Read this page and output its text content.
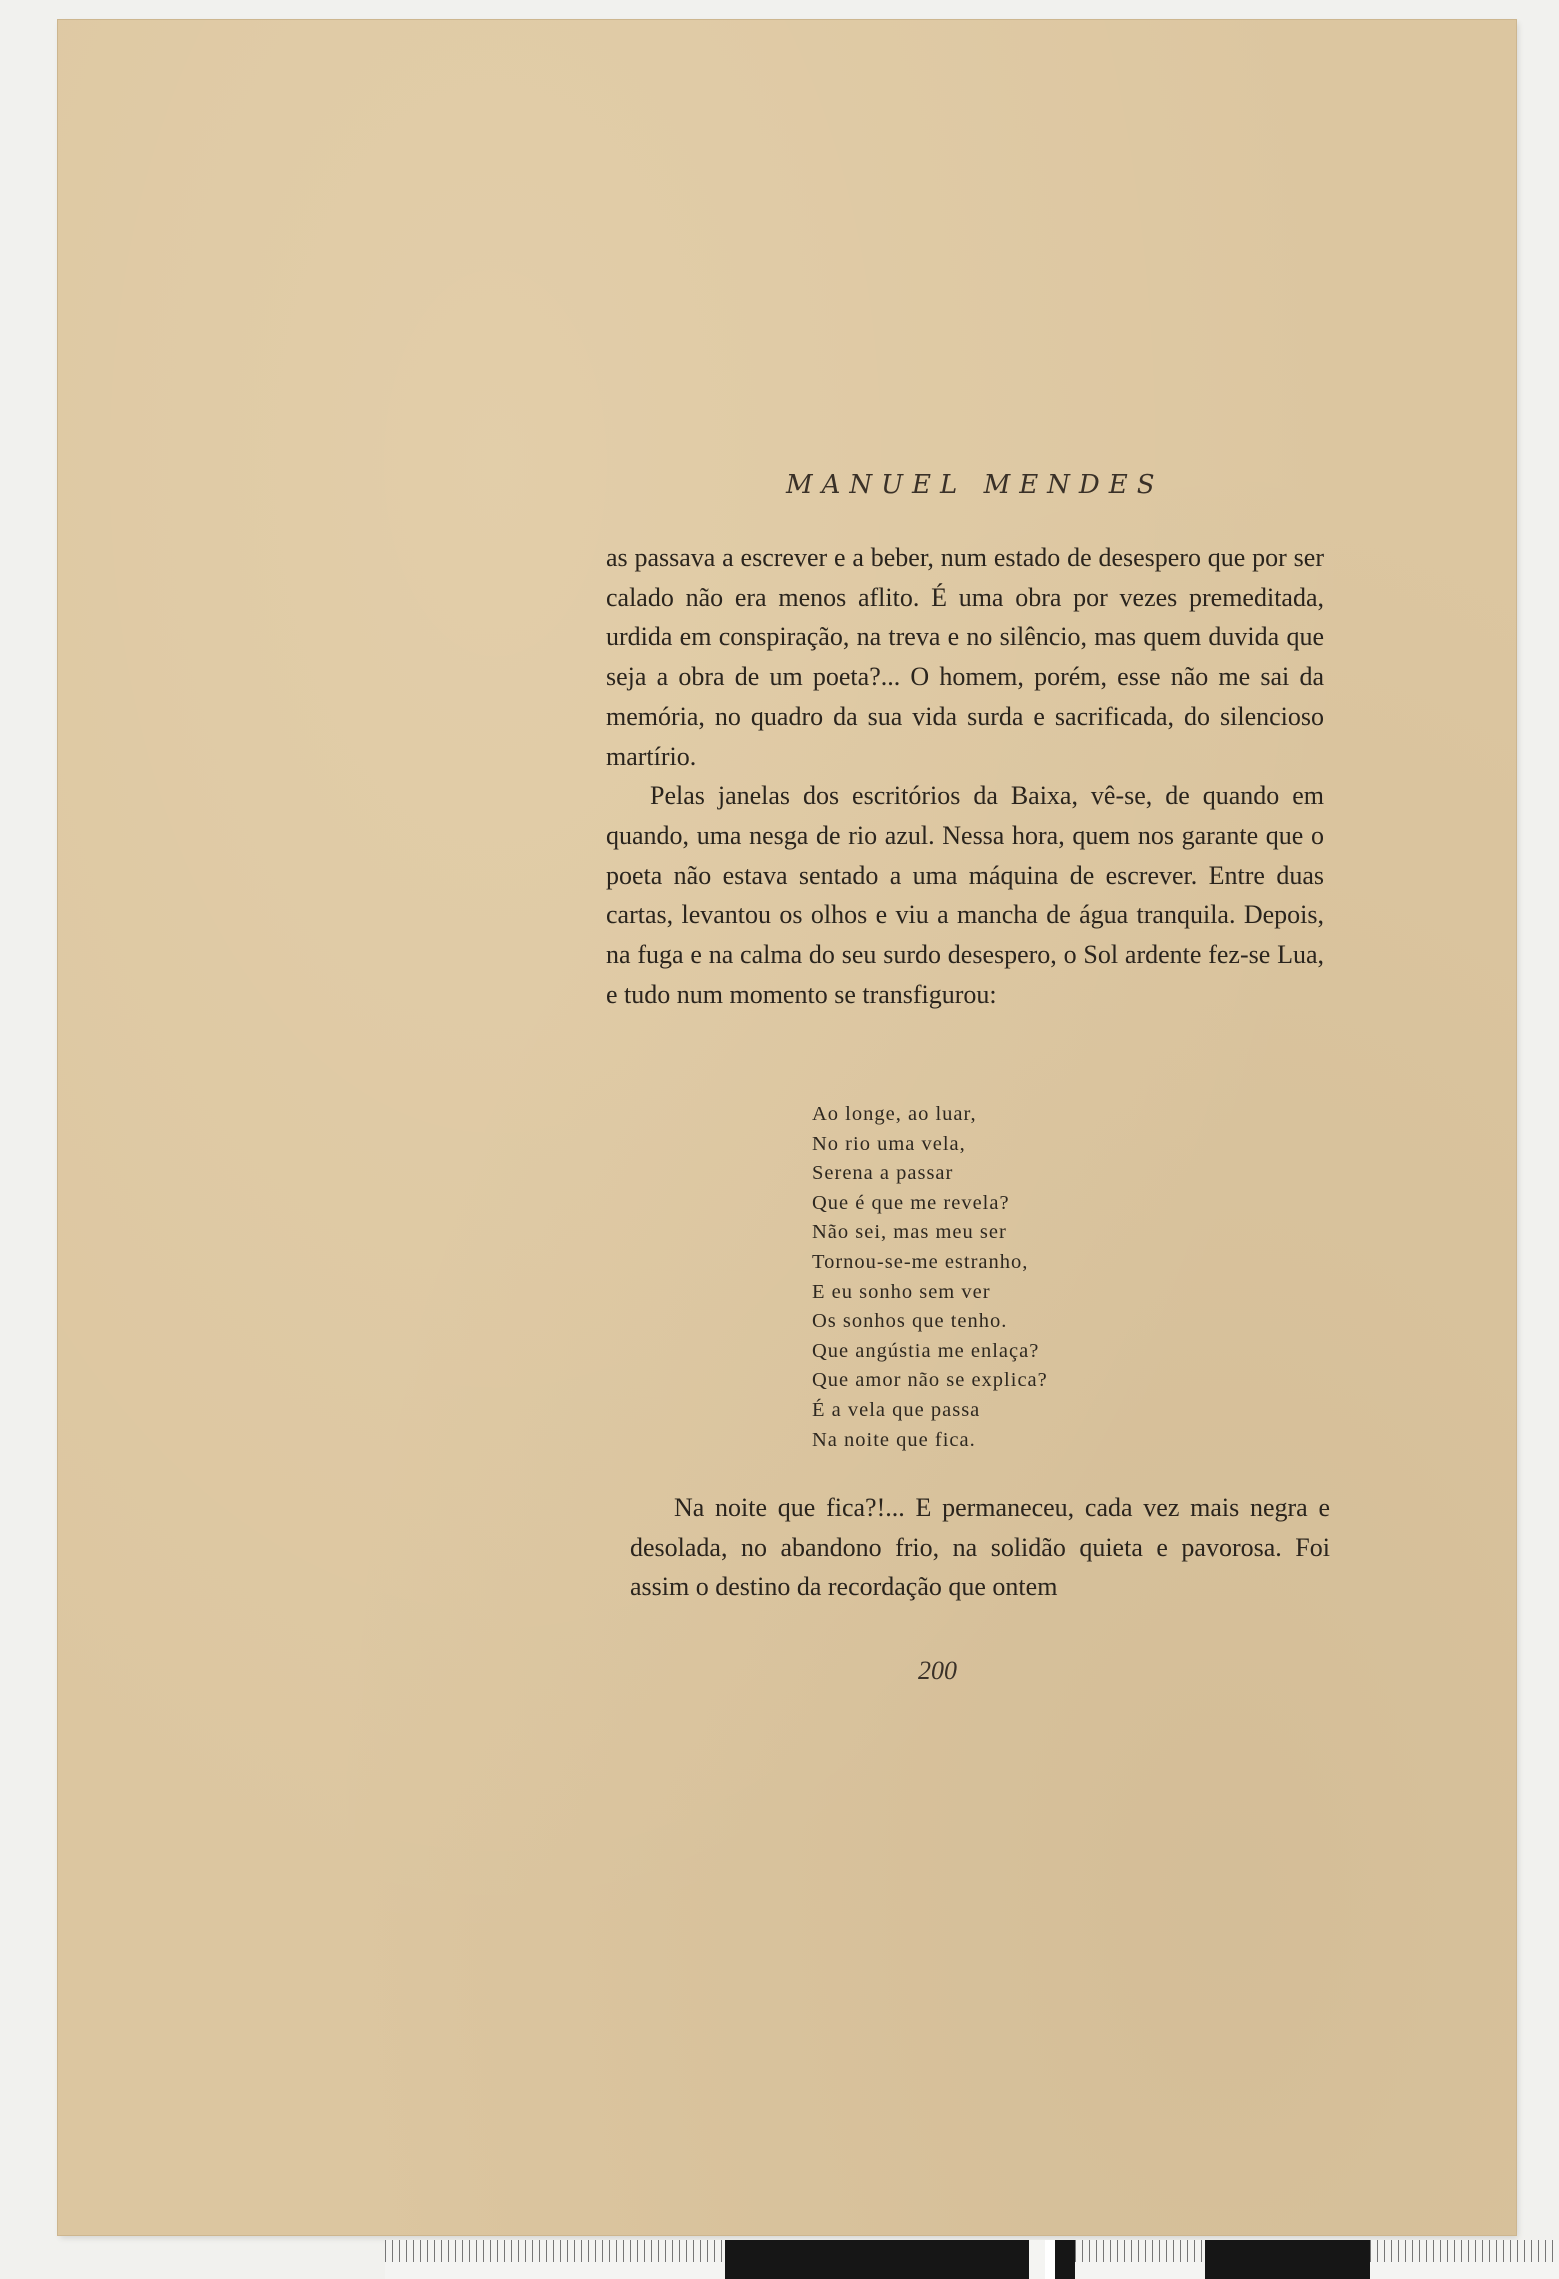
MANUEL MENDES

as passava a escrever e a beber, num estado de desespero que por ser calado não era menos aflito. É uma obra por vezes premeditada, urdida em conspiração, na treva e no silêncio, mas quem duvida que seja a obra de um poeta?... O homem, porém, esse não me sai da memória, no quadro da sua vida surda e sacrificada, do silencioso martírio.

Pelas janelas dos escritórios da Baixa, vê-se, de quando em quando, uma nesga de rio azul. Nessa hora, quem nos garante que o poeta não estava sentado a uma máquina de escrever. Entre duas cartas, levantou os olhos e viu a mancha de água tranquila. Depois, na fuga e na calma do seu surdo desespero, o Sol ardente fez-se Lua, e tudo num momento se transfigurou:

Ao longe, ao luar,
No rio uma vela,
Serena a passar
Que é que me revela?
Não sei, mas meu ser
Tornou-se-me estranho,
E eu sonho sem ver
Os sonhos que tenho.
Que angústia me enlaça?
Que amor não se explica?
É a vela que passa
Na noite que fica.

Na noite que fica?!... E permaneceu, cada vez mais negra e desolada, no abandono frio, na solidão quieta e pavorosa. Foi assim o destino da recordação que ontem

200
